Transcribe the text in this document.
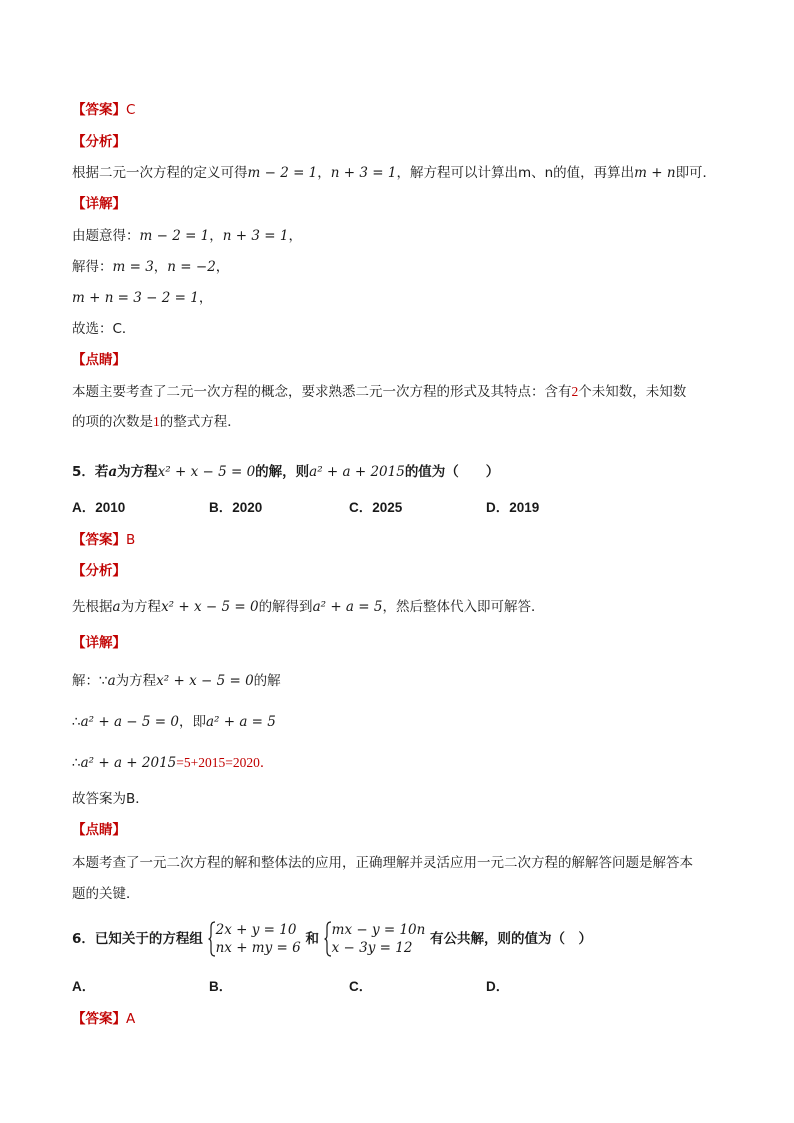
【答案】C
【分析】
根据二元一次方程的定义可得m − 2 = 1，n + 3 = 1，解方程可以计算出m、n的值，再算出m + n即可．
【详解】
由题意得：m − 2 = 1，n + 3 = 1，
解得：m = 3，n = −2，
m + n = 3 − 2 = 1，
故选：C．
【点睛】
本题主要考查了二元一次方程的概念，要求熟悉二元一次方程的形式及其特点：含有2个未知数，未知数
的项的次数是1的整式方程．
5．若a为方程x² + x − 5 = 0的解，则a² + a + 2015的值为（　　）
A．2010	B．2020	C．2025	D．2019
【答案】B
【分析】
先根据a为方程x² + x − 5 = 0的解得到a² + a = 5，然后整体代入即可解答．
【详解】
解：∵a为方程x² + x − 5 = 0的解
∴a² + a − 5 = 0，即a² + a = 5
∴a² + a + 2015=5+2015=2020．
故答案为B．
【点睛】
本题考查了一元二次方程的解和整体法的应用，正确理解并灵活应用一元二次方程的解解答问题是解答本
题的关键．
6．已知关于的方程组
2x + y = 10
nx + my = 6
和
mx − y = 10n
x − 3y = 12
有公共解，则的值为（　）
A．	B．	C．	D．
【答案】A
